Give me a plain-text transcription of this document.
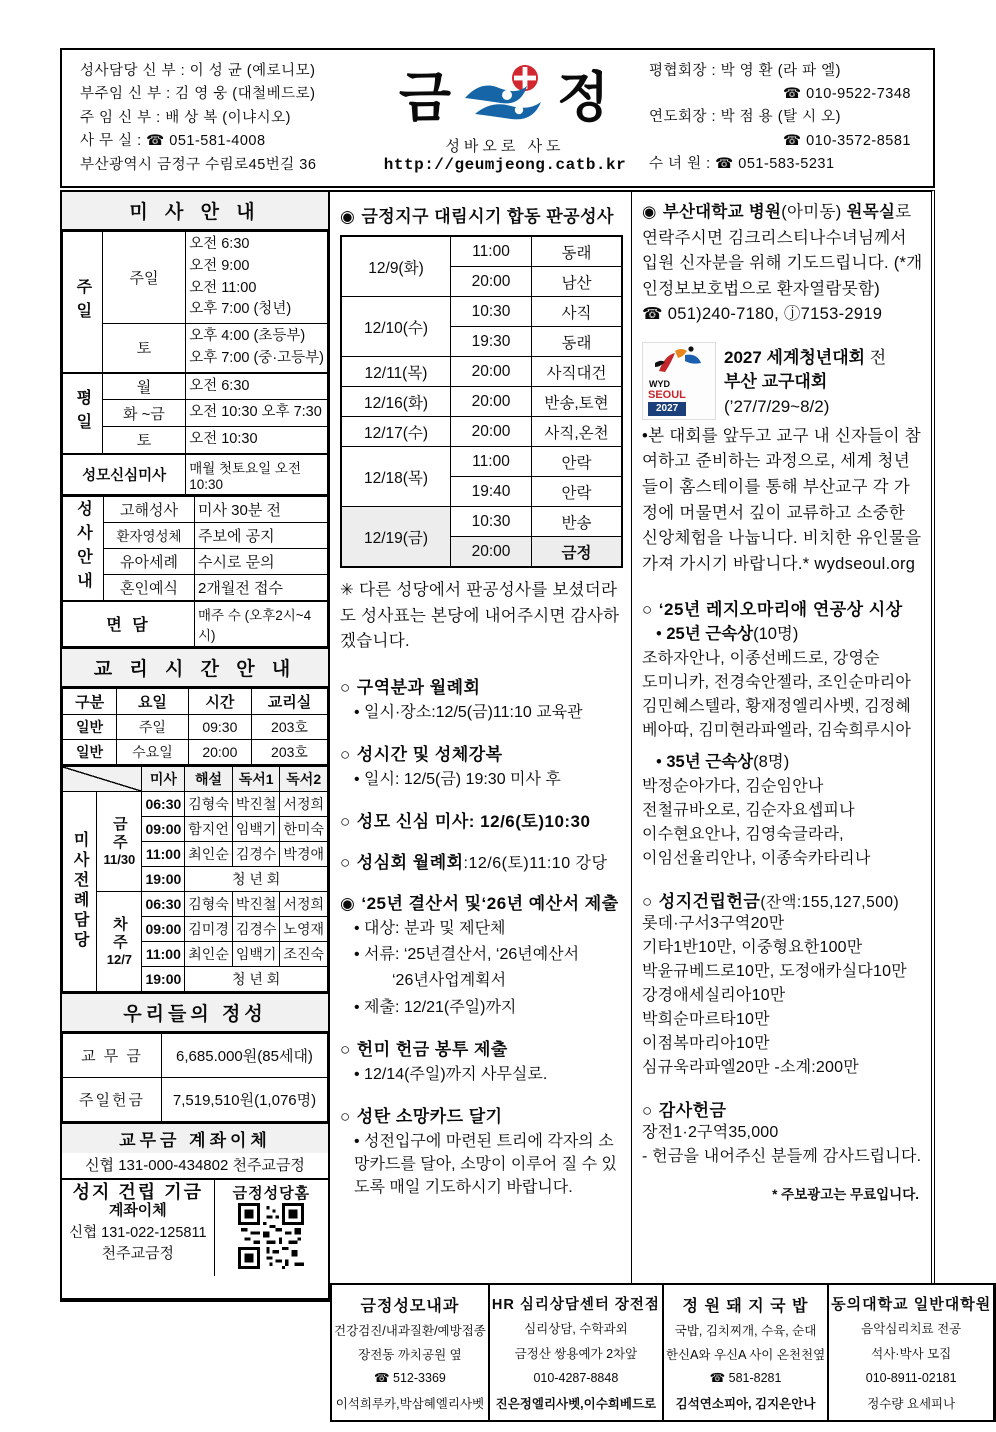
성사담당 신 부 : 이 성 균 (예로니모)
부주임 신 부 : 김 영 웅 (대철베드로)
주 임 신 부 : 배 상 복 (이냐시오)
사 무 실 : ☎ 051-581-4008
부산광역시 금정구 수림로45번길 36
금 정
성바오로 사도
http://geumjeong.catb.kr
평협회장 : 박 영 환 (라 파 엘)
☎ 010-9522-7348
연도회장 : 박 점 용 (탈 시 오)
☎ 010-3572-8581
수 녀 원 : ☎ 051-583-5231
미 사 안 내
주일	주일	오전 6:30
오전 9:00
오전 11:00
오후 7:00 (청년)

	토	오후 4:00 (초등부)
오후 7:00 (중·고등부)

평일	월	오전 6:30

	화 ~금	오전 10:30 오후 7:30

	토	오전 10:30

성모신심미사		매월 첫토요일 오전 10:30
성사안내	고해성사	미사 30분 전
	환자영성체	주보에 공지
	유아세례	수시로 문의
	혼인예식	2개월전 접수
면 담		매주 수 (오후2시~4시)
교 리 시 간 안 내
구분	요일	시간	교리실
일반	주일	09:30	203호
일반	수요일	20:00	203호
		미사	해설	독서1	독서2

미사전례담당	금주
11/30	06:30	김형숙	박진철	서정희
		09:00	함지언	임백기	한미숙
		11:00	최인순	김경수	박경애
		19:00	청 년 회		

	차주
12/7	06:30	김형숙	박진철	서정희
		09:00	김미경	김경수	노영재
		11:00	최인순	임백기	조진숙
		19:00	청 년 회		
우리들의 정성
교 무 금	6,685.000원(85세대)
주일헌금	7,519,510원(1,076명)
교무금 계좌이체
신협 131-000-434802 천주교금정
성지 건립 기금
계좌이체
신협 131-022-125811
천주교금정
금정성당홈
◉ 금정지구 대림시기 합동 판공성사
12/9(화)	11:00	동래
	20:00	남산
12/10(수)	10:30	사직
	19:30	동래
12/11(목)	20:00	사직대건
12/16(화)	20:00	반송,토현
12/17(수)	20:00	사직,온천
12/18(목)	11:00	안락
	19:40	안락
12/19(금)	10:30	반송
	20:00	금정
✳ 다른 성당에서 판공성사를 보셨더라도 성사표는 본당에 내어주시면 감사하겠습니다.
○ 구역분과 월례회
• 일시·장소:12/5(금)11:10 교육관
○ 성시간 및 성체강복
• 일시: 12/5(금) 19:30 미사 후
○ 성모 신심 미사: 12/6(토)10:30
○ 성심회 월례회:12/6(토)11:10 강당
◉ ‘25년 결산서 및‘26년 예산서 제출
• 대상: 분과 및 제단체
• 서류: ‘25년결산서, ‘26년예산서
‘26년사업계획서
• 제출: 12/21(주일)까지
○ 헌미 헌금 봉투 제출
• 12/14(주일)까지 사무실로.
○ 성탄 소망카드 달기
• 성전입구에 마련된 트리에 각자의 소망카드를 달아, 소망이 이루어 질 수 있도록 매일 기도하시기 바랍니다.
◉ 부산대학교 병원(아미동) 원목실로 연락주시면 김크리스티나수녀님께서 입원 신자분을 위해 기도드립니다. (*개인정보보호법으로 환자열람못함)
☎ 051)240-7180, ⓙ7153-2919
WYD
SEOUL
2027
2027 세계청년대회 전
부산 교구대회(’27/7/29~8/2)
•본 대회를 앞두고 교구 내 신자들이 참여하고 준비하는 과정으로, 세계 청년들이 홈스테이를 통해 부산교구 각 가정에 머물면서 깊이 교류하고 소중한 신앙체험을 나눕니다. 비치한 유인물을 가져 가시기 바랍니다.* wydseoul.org
○ ‘25년 레지오마리애 연공상 시상
• 25년 근속상(10명)
조하자안나, 이종선베드로, 강영순
도미니카, 전경숙안젤라, 조인순마리아
김민혜스텔라, 황재정엘리사벳, 김정혜
베아따, 김미현라파엘라, 김숙희루시아
• 35년 근속상(8명)
박정순아가다, 김순임안나
전철규바오로, 김순자요셉피나
이수현요안나, 김영숙글라라,
이임선율리안나, 이종숙카타리나
○ 성지건립헌금(잔액:155,127,500)
롯데·구서3구역20만
기타1반10만, 이중형요한100만
박윤규베드로10만, 도정애카실다10만
강경애세실리아10만
박희순마르타10만
이점복마리아10만
심규욱라파엘20만 -소계:200만
○ 감사헌금
장전1·2구역35,000
- 헌금을 내어주신 분들께 감사드립니다.
* 주보광고는 무료입니다.
금정성모내과
건강검진/내과질환/예방접종
장전동 까치공원 옆
☎ 512-3369
이석희루카,박삼혜엘리사벳
HR 심리상담센터 장전점
심리상담, 수학과외
금정산 쌍용예가 2차앞
010-4287-8848
진은정엘리사벳,이수희베드로
정 원 돼 지 국 밥
국밥, 김치찌개, 수육, 순대
한신A와 우신A 사이 온천천옆
☎ 581-8281
김석연소피아, 김지은안나
동의대학교 일반대학원
음악심리치료 전공
석사·박사 모집
010-8911-02181
정수량 요세피나
